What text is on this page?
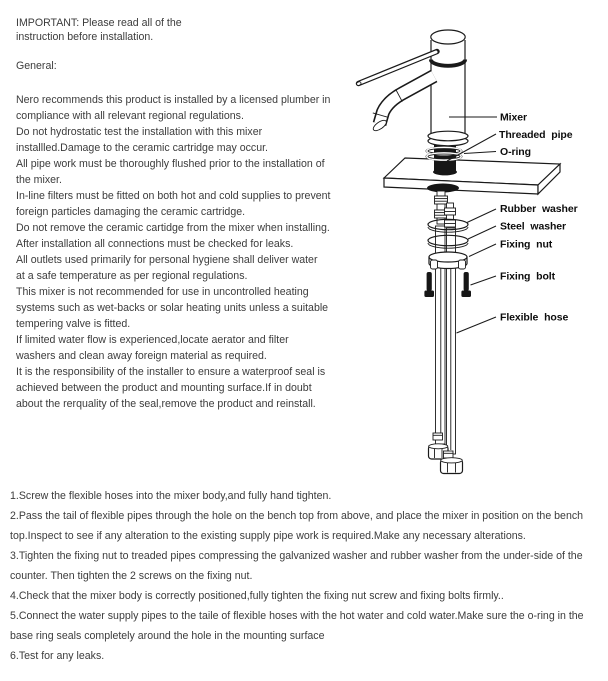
IMPORTANT: Please read all of the
instruction before installation.
General:
Nero recommends this product is installed by a licensed plumber in
compliance with all relevant regional regulations.
Do not hydrostatic test the installation with this mixer
installled.Damage to the ceramic cartridge may occur.
All pipe work must be thoroughly flushed prior to the installation of
the mixer.
In-line filters must be fitted on both hot and cold supplies to prevent
foreign particles damaging the ceramic cartridge.
Do not remove the ceramic cartidge from the mixer when installing.
After installation all connections must be checked for leaks.
All outlets used primarily for personal hygiene shall deliver water
at a safe temperature as per regional regulations.
This mixer is not recommended for use in uncontrolled heating
systems such as wet-backs or solar heating units unless a suitable
tempering valve is fitted.
If limited water flow is experienced,locate aerator and filter
washers and clean away foreign material as required.
It is the responsibility of the installer to ensure a waterproof seal is
achieved between the product and mounting surface.If in doubt
about the rerquality of the seal,remove the product and reinstall.
1.Screw the flexible hoses into the mixer body,and fully hand tighten.
2.Pass the tail of flexible pipes through the hole on the bench top from above, and place the mixer in position on the bench top.Inspect to see if any alteration to the existing supply pipe work is required.Make any necessary alterations.
3.Tighten the fixing nut to treaded pipes compressing the galvanized washer and rubber washer from the under-side of the counter. Then tighten the 2 screws on the fixing nut.
4.Check that the mixer body is correctly positioned,fully tighten the fixing nut screw and fixing bolts firmly..
5.Connect the water supply pipes to the taile of flexible hoses with the hot water and cold water.Make sure the o-ring in the base ring seals completely around the hole in the mounting surface
6.Test for any leaks.
Mixer
Threaded pipe
O-ring
Rubber washer
Steel washer
Fixing nut
Fixing bolt
Flexible hose
